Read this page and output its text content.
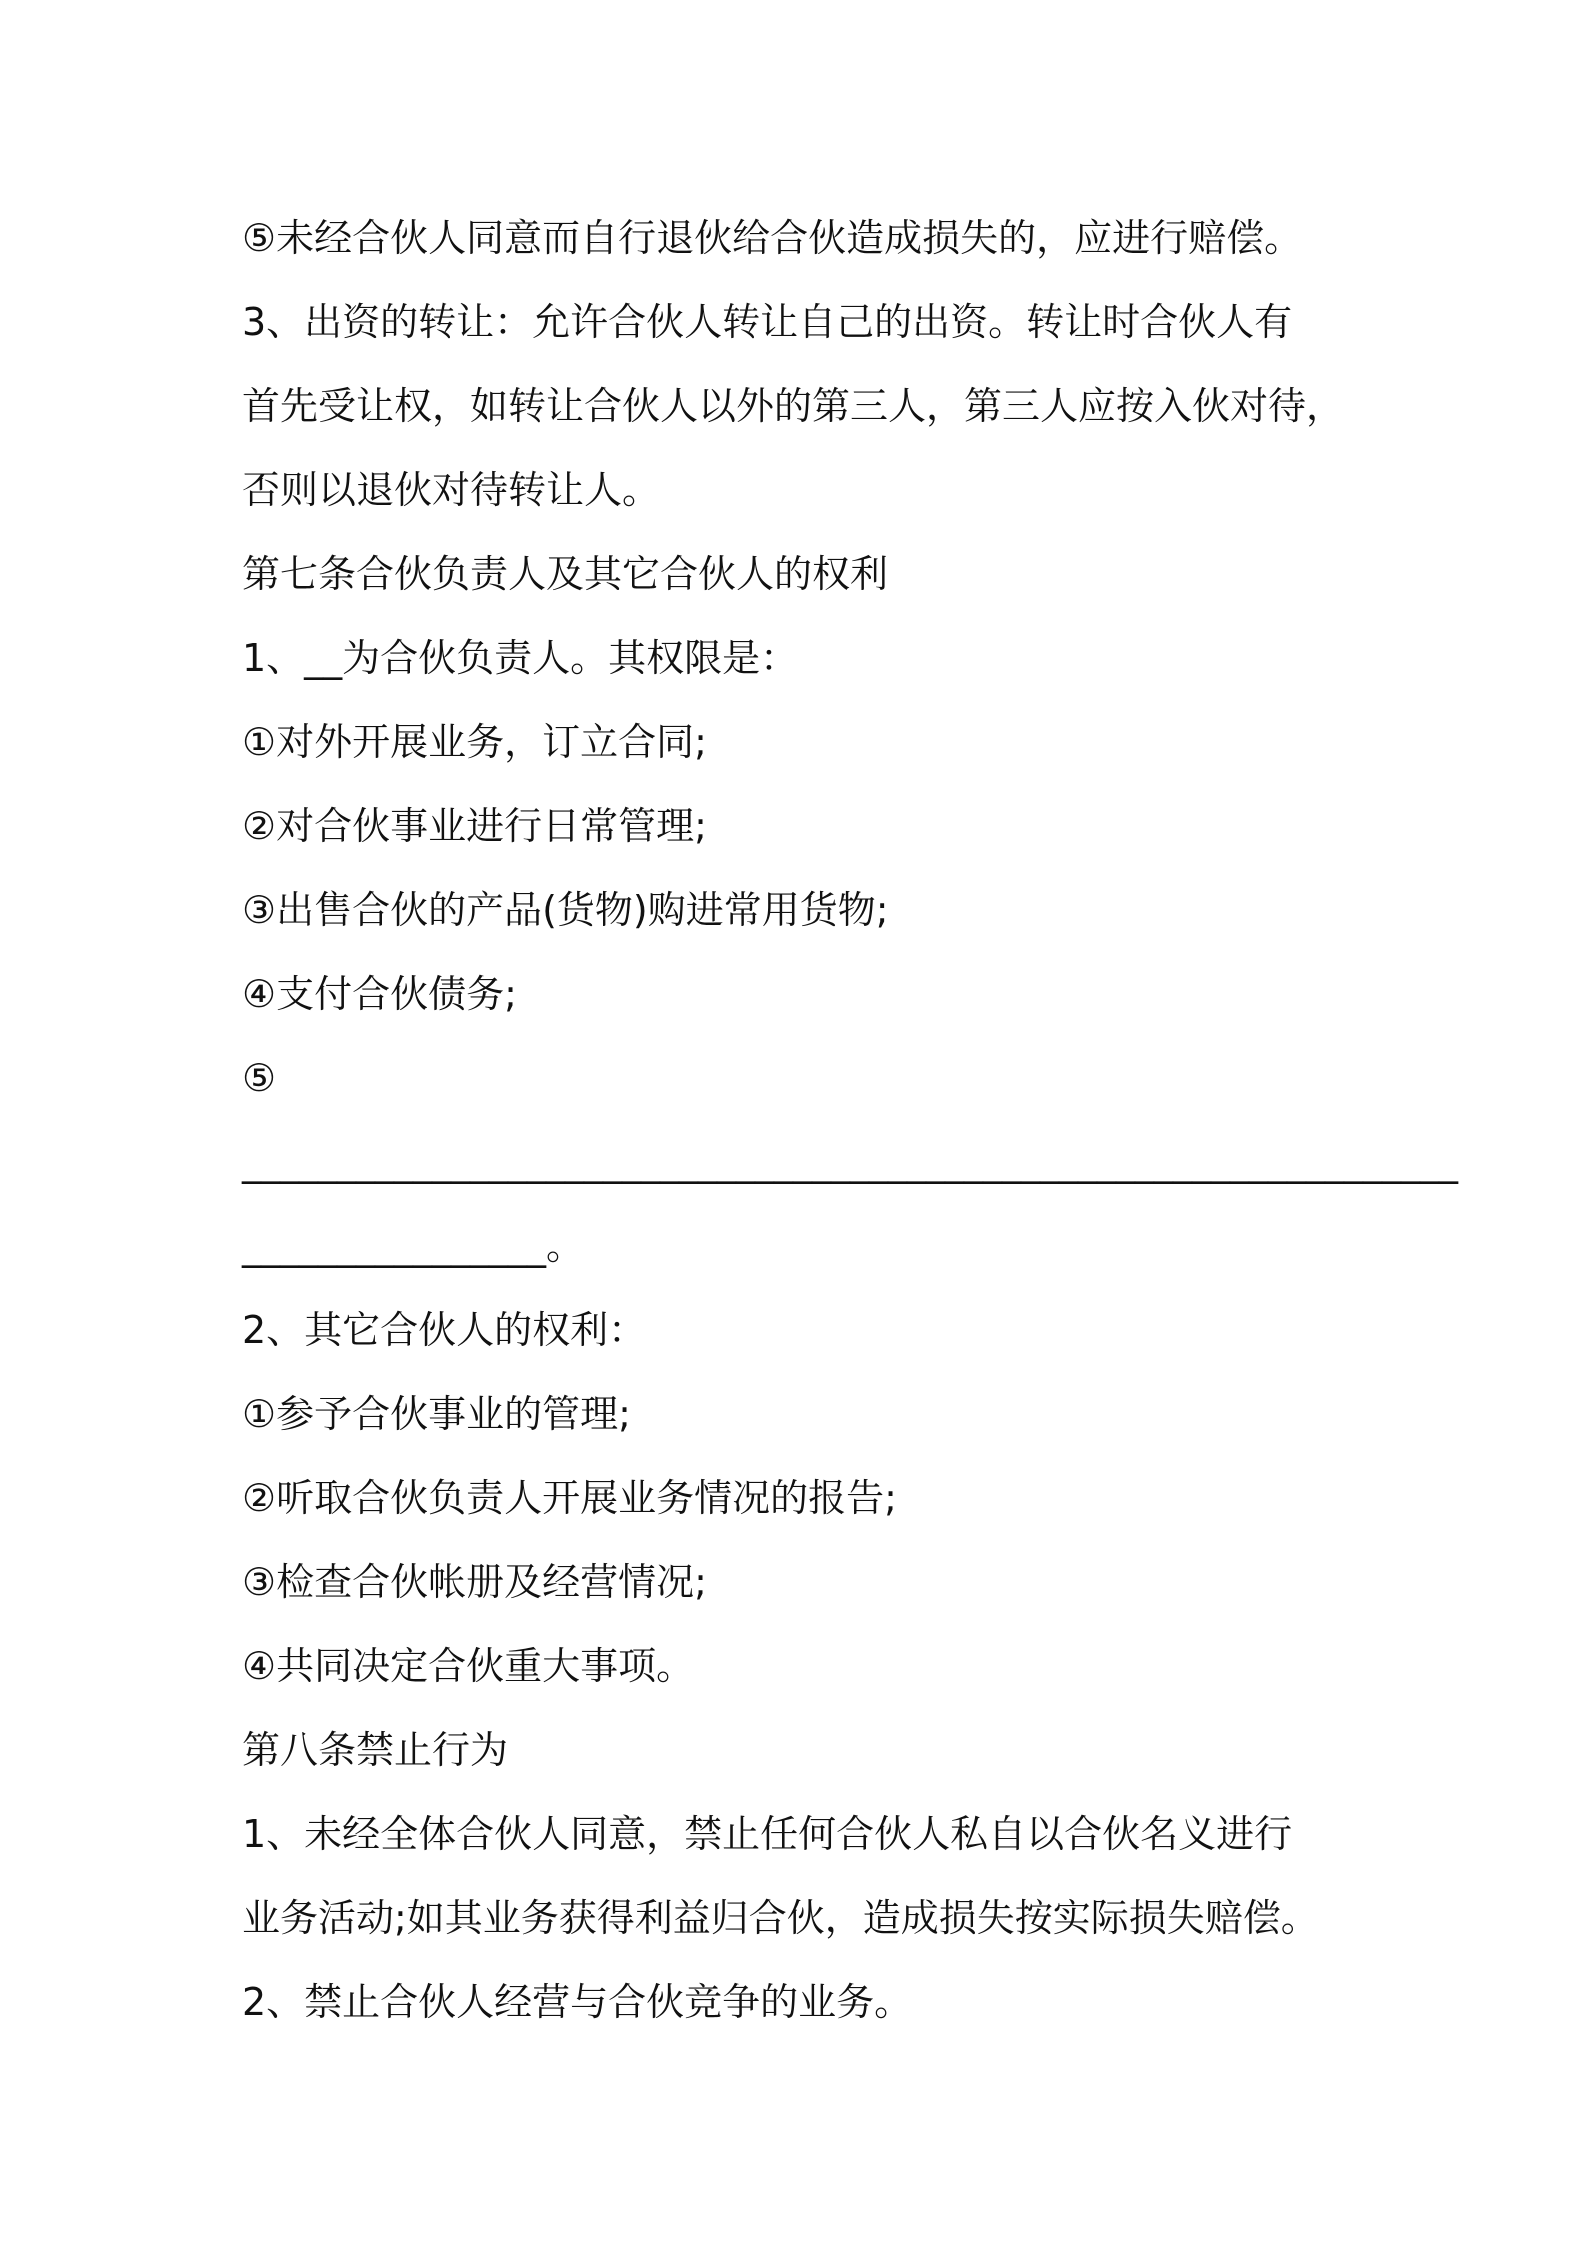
⑤未经合伙人同意而自行退伙给合伙造成损失的，应进行赔偿。
3、出资的转让：允许合伙人转让自己的出资。转让时合伙人有
首先受让权，如转让合伙人以外的第三人，第三人应按入伙对待，
否则以退伙对待转让人。
第七条合伙负责人及其它合伙人的权利
1、__为合伙负责人。其权限是：
①对外开展业务，订立合同;
②对合伙事业进行日常管理;
③出售合伙的产品(货物)购进常用货物;
④支付合伙债务;
⑤
________________________________________________________________
________________。
2、其它合伙人的权利：
①参予合伙事业的管理;
②听取合伙负责人开展业务情况的报告;
③检查合伙帐册及经营情况;
④共同决定合伙重大事项。
第八条禁止行为
1、未经全体合伙人同意，禁止任何合伙人私自以合伙名义进行
业务活动;如其业务获得利益归合伙，造成损失按实际损失赔偿。
2、禁止合伙人经营与合伙竞争的业务。
